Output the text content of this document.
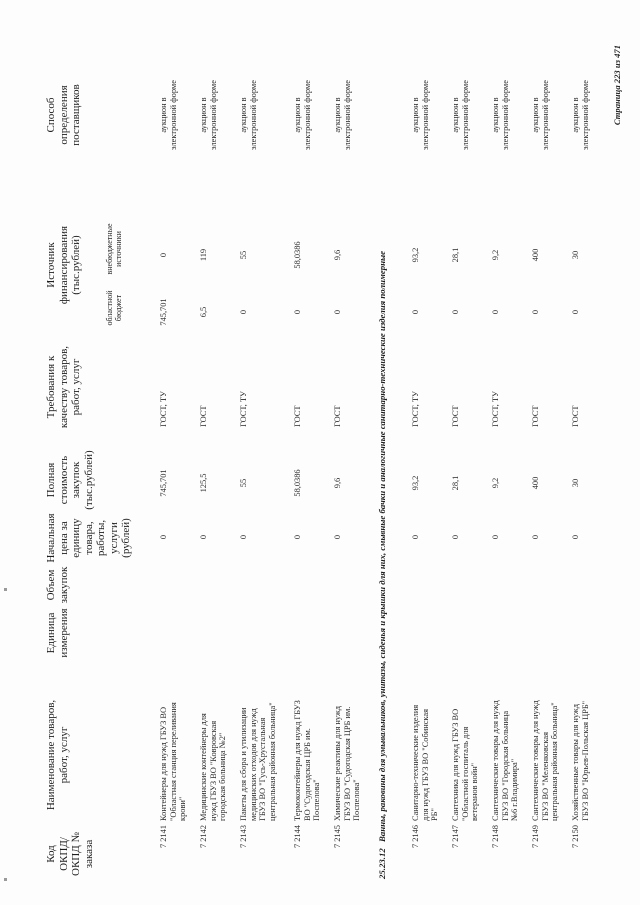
Код ОКПД/ ОКПД № заказа
Наименование товаров, работ, услуг
Единица измерения
Объем закупок
Начальная цена за единицу товара, работы, услуги (рублей)
Полная стоимость закупок (тыс.рублей)
Требования к качеству товаров, работ, услуг
Источник финансирования (тыс.рублей)
областной бюджет
внебюджетные источники
Способ определения поставщиков
7 2141
Контейнеры для нужд ГБУЗ ВО "Областная станция переливания крови"
0
745,701
ГОСТ, ТУ
745,701
0
аукцион в электронной форме
7 2142
Медицинские контейнеры для нужд ГБУЗ ВО "Ковровская городская больница №2"
0
125,5
ГОСТ
6,5
119
аукцион в электронной форме
7 2143
Пакеты для сбора и утилизации медицинских отходов для нужд ГБУЗ ВО "Гусь-Хрустальная центральная районная больница"
0
55
ГОСТ, ТУ
0
55
аукцион в электронной форме
7 2144
Термоконтейнеры для нужд ГБУЗ ВО "Судогодская ЦРБ им. Поспелова"
0
58,0386
ГОСТ
0
58,0386
аукцион в электронной форме
7 2145
Химические реактивы для нужд ГБУЗ ВО "Судогодская ЦРБ им. Поспелова"
0
9,6
ГОСТ
0
9,6
аукцион в электронной форме
25.23.12 Ванны, раковины для умывальников, унитазы, сиденья и крышки для них, смывные бачки и аналогичные санитарно-технические изделия полимерные	7 2146
Санитарно-технические изделия для нужд ГБУЗ ВО "Собинская РБ"
0
93,2
ГОСТ, ТУ
0
93,2
аукцион в электронной форме
7 2147
Сантехника для нужд ГБУЗ ВО "Областной госпиталь для ветеранов войн"
0
28,1
ГОСТ
0
28,1
аукцион в электронной форме
7 2148
Сантехнические товары для нужд ГБУЗ ВО "Городская больница №6 г.Владимира"
0
9,2
ГОСТ, ТУ
0
9,2
аукцион в электронной форме
7 2149
Сантехнические товары для нужд ГБУЗ ВО "Меленковская центральная районная больница"
0
400
ГОСТ
0
400
аукцион в электронной форме
7 2150
Хозяйственные товары для нужд ГБУЗ ВО "Юрьев-Польская ЦРБ"
0
30
ГОСТ
0
30
аукцион в электронной форме	Страница 223 из 471
